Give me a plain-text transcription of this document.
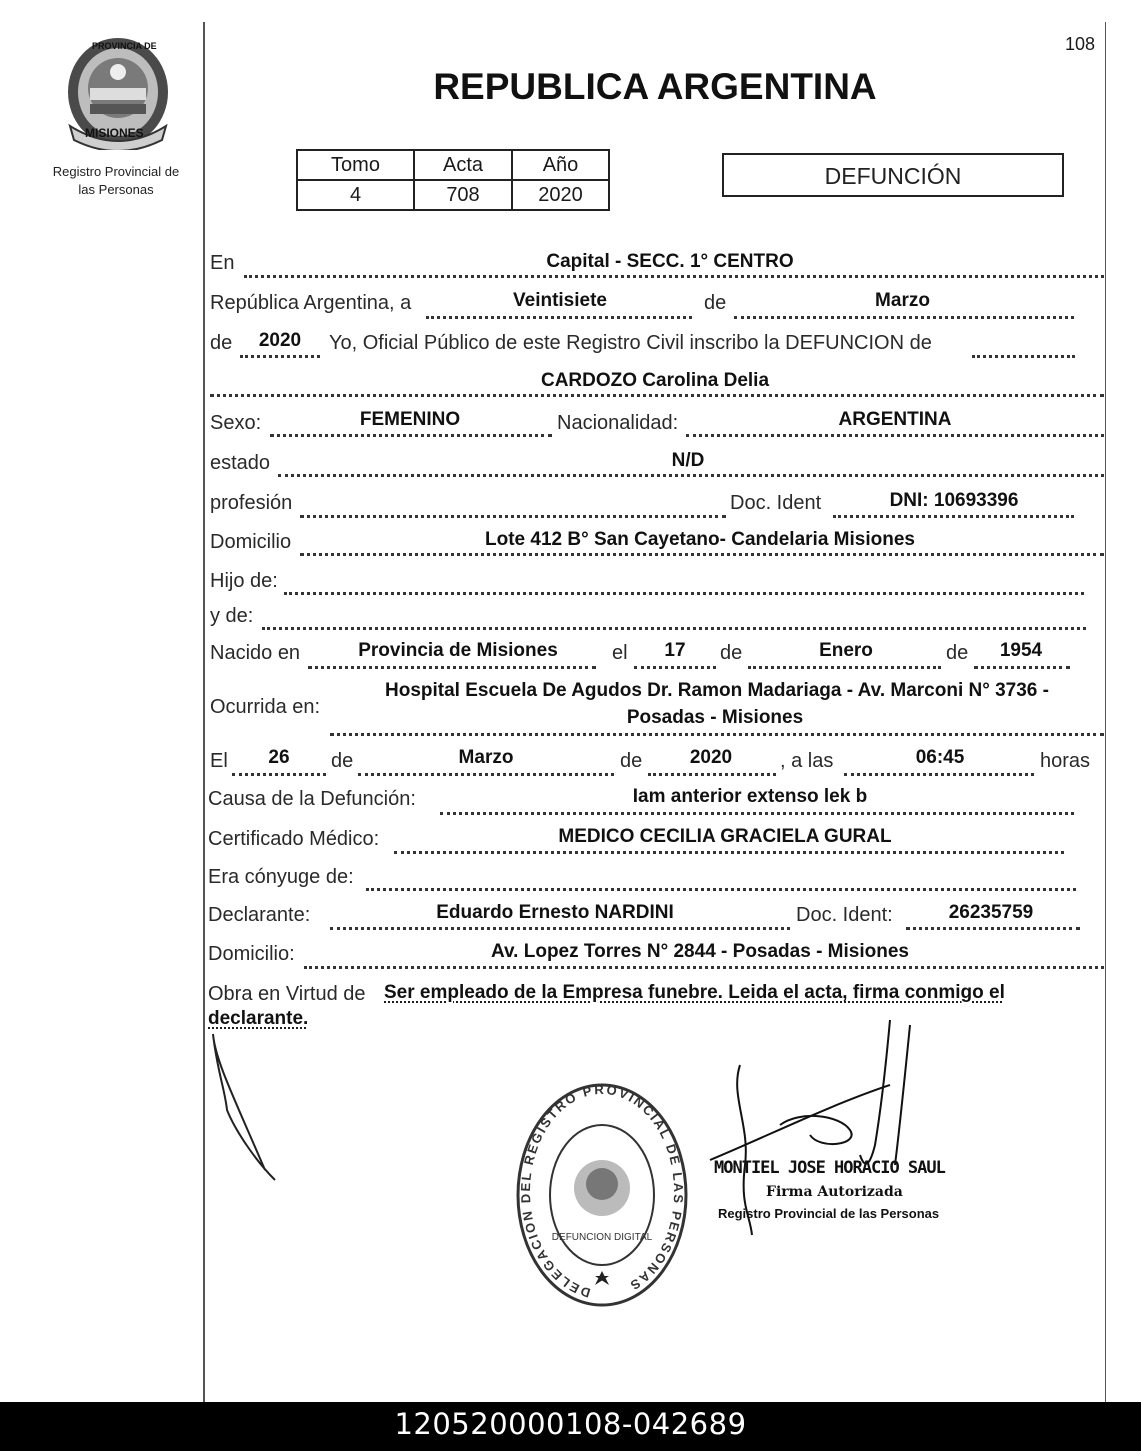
PROVINCIA DE
MISIONES
Registro Provincial de
las Personas
108
REPUBLICA ARGENTINA
Tomo	Acta	Año
4	708	2020
DEFUNCIÓN
En	Capital - SECC. 1° CENTRO
República Argentina, a	Veintisiete	de	Marzo
de	2020	Yo, Oficial Público de este Registro Civil inscribo la DEFUNCION de
CARDOZO Carolina Delia
Sexo:	FEMENINO	Nacionalidad:	ARGENTINA
estado	N/D
profesión	Doc. Ident	DNI: 10693396
Domicilio	Lote 412 B° San Cayetano- Candelaria Misiones
Hijo de:
y de:
Nacido en	Provincia de Misiones	el	17	de	Enero	de	1954
Ocurrida en:
Hospital Escuela De Agudos Dr. Ramon Madariaga - Av. Marconi N° 3736 -
Posadas - Misiones
El	26	de	Marzo	de	2020	, a las	06:45	horas
Causa de la Defunción:	Iam anterior extenso lek b
Certificado Médico:	MEDICO CECILIA GRACIELA GURAL
Era cónyuge de:
Declarante:	Eduardo Ernesto NARDINI	Doc. Ident:	26235759
Domicilio:	Av. Lopez Torres N° 2844 - Posadas - Misiones
Obra en Virtud de Ser empleado de la Empresa funebre. Leida el acta, firma conmigo el
declarante.
DELEGACION DEL REGISTRO PROVINCIAL DE LAS PERSONAS
DEFUNCION DIGITAL
MONTIEL JOSE HORACIO SAUL
Firma Autorizada
Registro Provincial de las Personas
120520000108-042689
